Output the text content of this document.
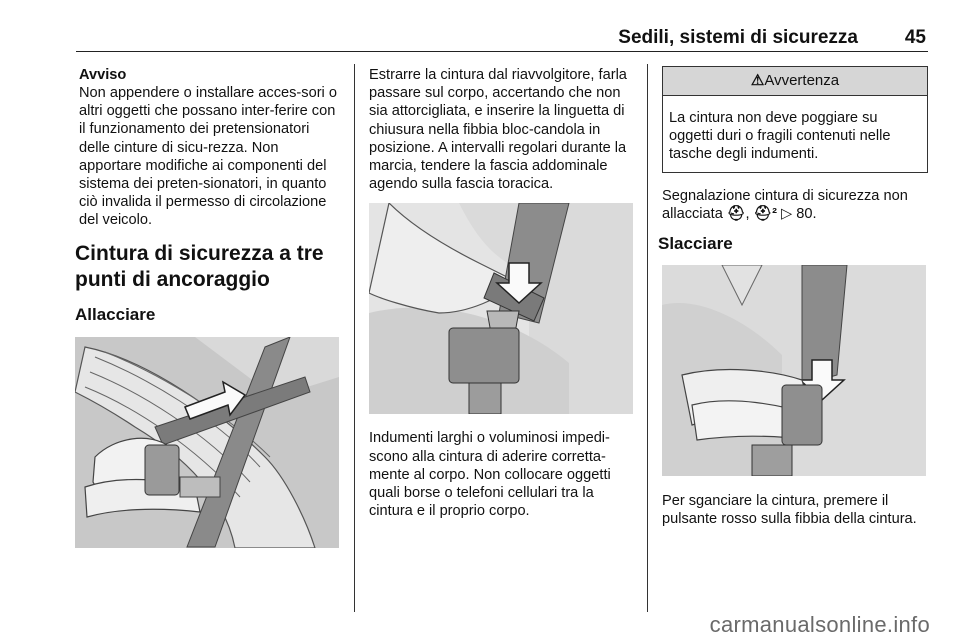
Sedili, sistemi di sicurezza	45

Avviso

Non appendere o installare acces-sori o altri oggetti che possano inter-ferire con il funzionamento dei pretensionatori delle cinture di sicu-rezza. Non apportare modifiche ai componenti del sistema dei preten-sionatori, in quanto ciò invalida il permesso di circolazione del veicolo.

Cintura di sicurezza a tre punti di ancoraggio
Allacciare

Estrarre la cintura dal riavvolgitore, farla passare sul corpo, accertando che non sia attorcigliata, e inserire la linguetta di chiusura nella fibbia bloc-candola in posizione. A intervalli regolari durante la marcia, tendere la fascia addominale agendo sulla fascia toracica.

Indumenti larghi o voluminosi impedi-scono alla cintura di aderire corretta-mente al corpo. Non collocare oggetti quali borse o telefoni cellulari tra la cintura e il proprio corpo.

⚠Avvertenza
La cintura non deve poggiare su oggetti duri o fragili contenuti nelle tasche degli indumenti.

Segnalazione cintura di sicurezza non allacciata ⛑, ⛑² ▷ 80.

Slacciare

Per sganciare la cintura, premere il pulsante rosso sulla fibbia della cintura.

carmanualsonline.info
